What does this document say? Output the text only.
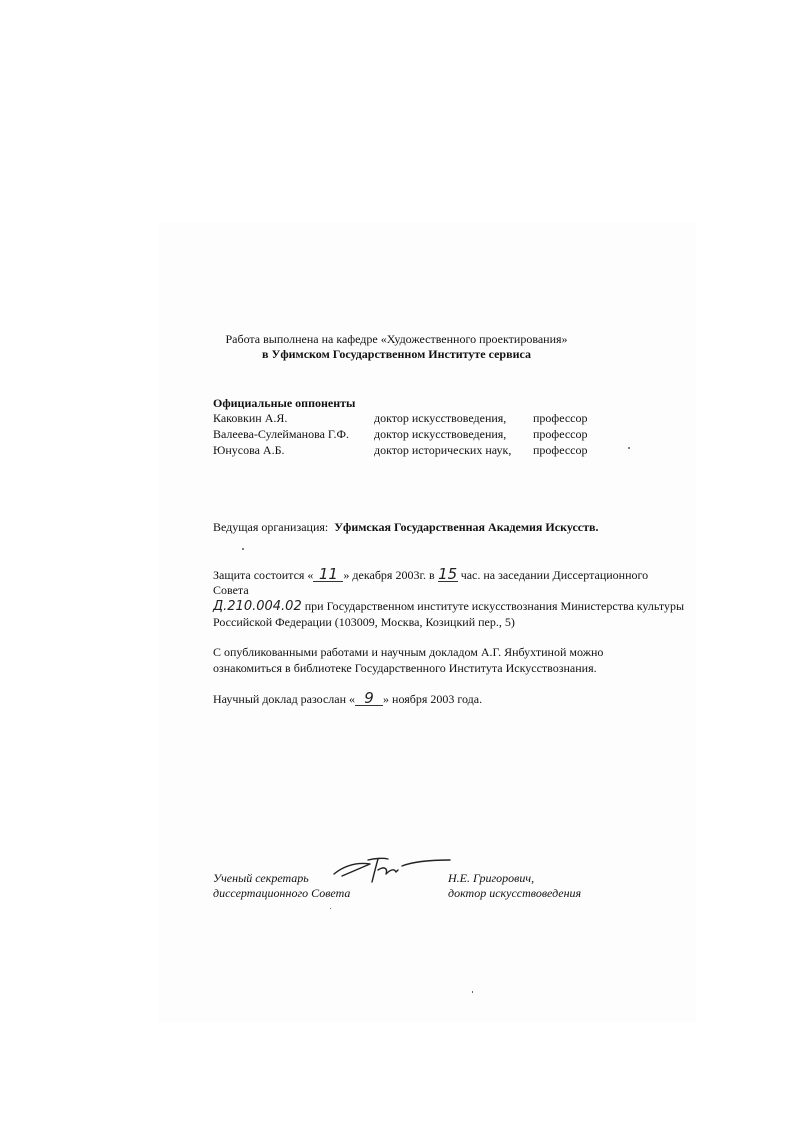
Работа выполнена на кафедре «Художественного проектирования»
в Уфимском Государственном Институте сервиса
Официальные оппоненты
Каковкин А.Я.	доктор искусствоведения, профессор
Валеева-Сулейманова Г.Ф. доктор искусствоведения, профессор
Юнусова А.Б.	доктор исторических наук, профессор
Ведущая организация: Уфимская Государственная Академия Искусств.
Защита состоится « 11 » декабря 2003г. в 15 час. на заседании Диссертационного
Совета
Д.210.004.02 при Государственном институте искусствознания Министерства культуры
Российской Федерации (103009, Москва, Козицкий пер., 5)
С опубликованными работами и научным докладом А.Г. Янбухтиной можно
ознакомиться в библиотеке Государственного Института Искусствознания.
Научный доклад разослан « 9 » ноября 2003 года.
Ученый секретарь
диссертационного Совета
Н.Е. Григорович,
доктор искусствоведения
